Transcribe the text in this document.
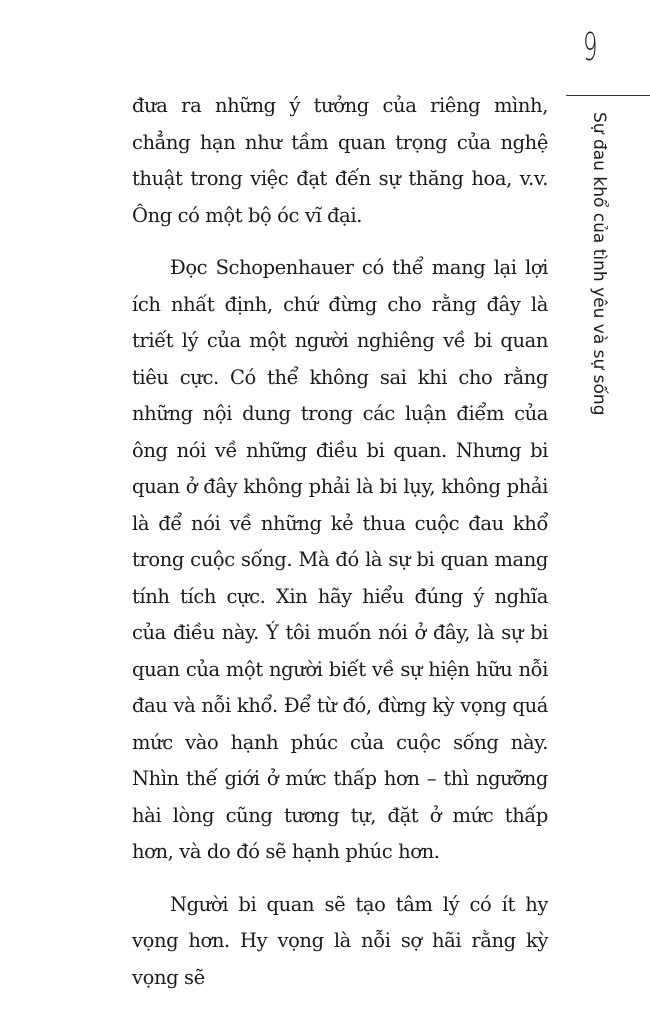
9
Sự đau khổ của tình yêu và sự sống

đưa ra những ý tưởng của riêng mình, chẳng hạn như tầm quan trọng của nghệ thuật trong việc đạt đến sự thăng hoa, v.v. Ông có một bộ óc vĩ đại.

Đọc Schopenhauer có thể mang lại lợi ích nhất định, chứ đừng cho rằng đây là triết lý của một người nghiêng về bi quan tiêu cực. Có thể không sai khi cho rằng những nội dung trong các luận điểm của ông nói về những điều bi quan. Nhưng bi quan ở đây không phải là bi lụy, không phải là để nói về những kẻ thua cuộc đau khổ trong cuộc sống. Mà đó là sự bi quan mang tính tích cực. Xin hãy hiểu đúng ý nghĩa của điều này. Ý tôi muốn nói ở đây, là sự bi quan của một người biết về sự hiện hữu nỗi đau và nỗi khổ. Để từ đó, đừng kỳ vọng quá mức vào hạnh phúc của cuộc sống này. Nhìn thế giới ở mức thấp hơn – thì ngưỡng hài lòng cũng tương tự, đặt ở mức thấp hơn, và do đó sẽ hạnh phúc hơn.

Người bi quan sẽ tạo tâm lý có ít hy vọng hơn. Hy vọng là nỗi sợ hãi rằng kỳ vọng sẽ
